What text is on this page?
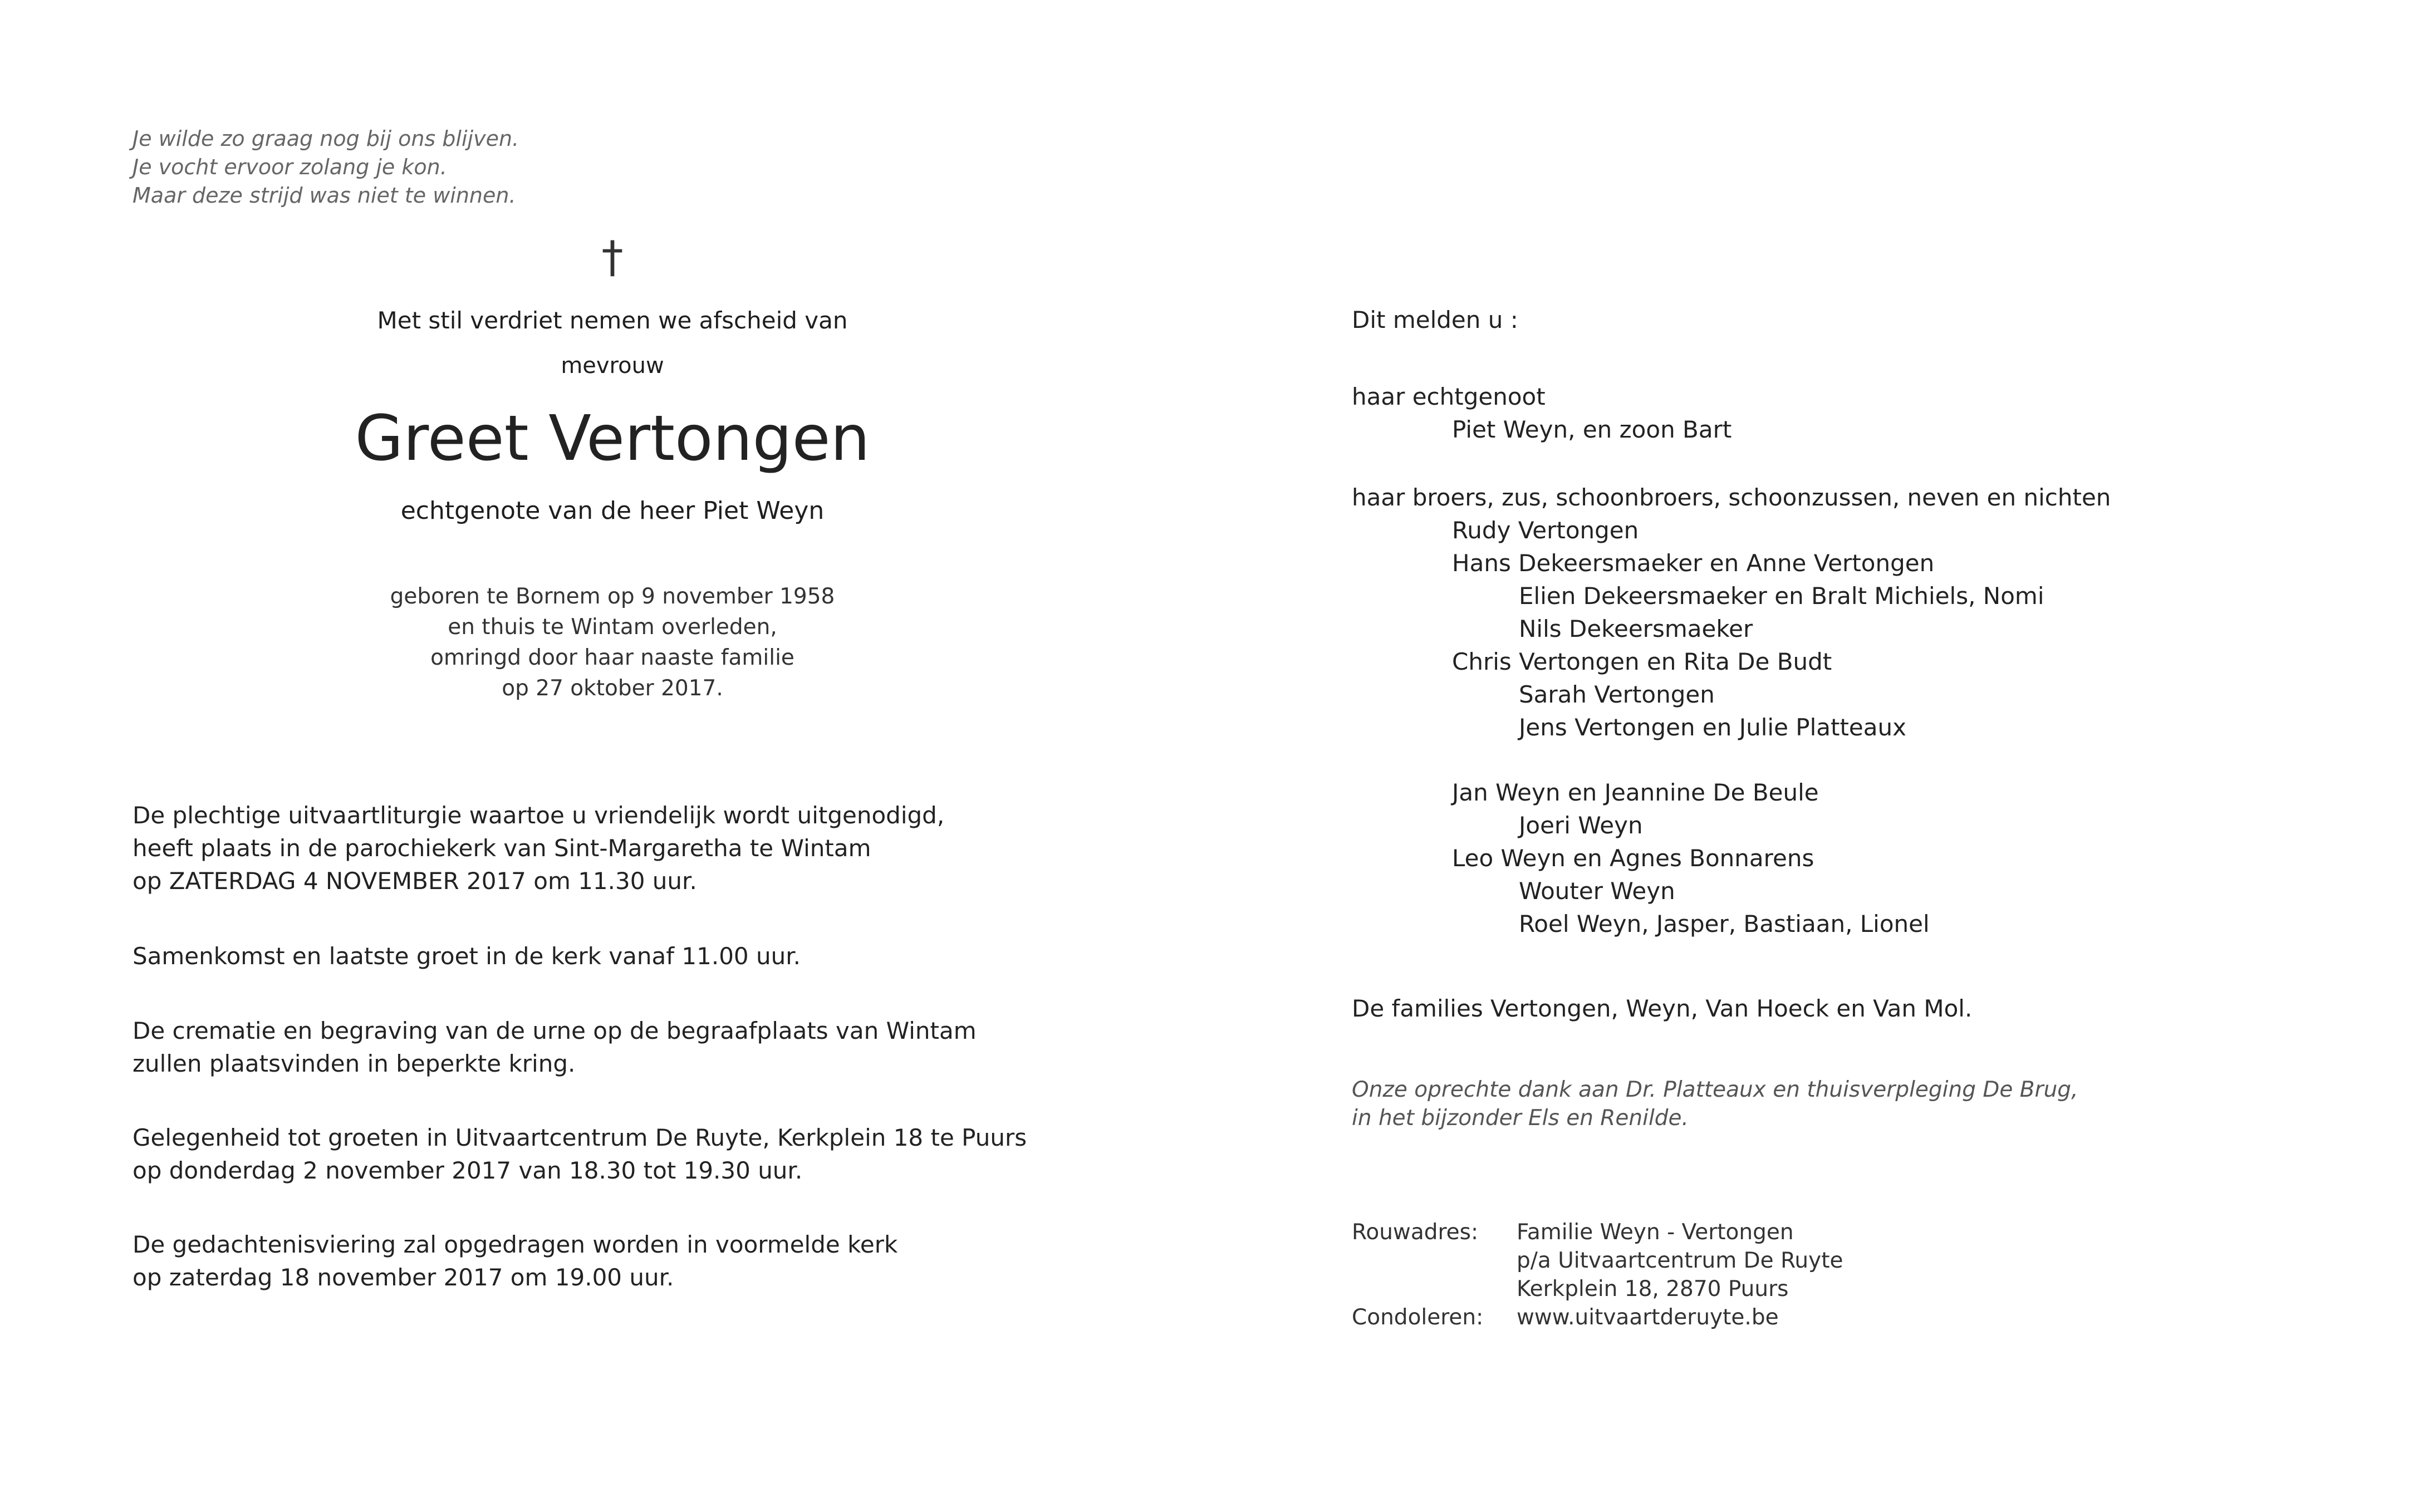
Je wilde zo graag nog bij ons blijven.
Je vocht ervoor zolang je kon.
Maar deze strijd was niet te winnen.
†
Met stil verdriet nemen we afscheid van
mevrouw
Greet Vertongen
echtgenote van de heer Piet Weyn
geboren te Bornem op 9 november 1958
en thuis te Wintam overleden,
omringd door haar naaste familie
op 27 oktober 2017.
De plechtige uitvaartliturgie waartoe u vriendelijk wordt uitgenodigd,
heeft plaats in de parochiekerk van Sint-Margaretha te Wintam
op ZATERDAG 4 NOVEMBER 2017 om 11.30 uur.
Samenkomst en laatste groet in de kerk vanaf 11.00 uur.
De crematie en begraving van de urne op de begraafplaats van Wintam
zullen plaatsvinden in beperkte kring.
Gelegenheid tot groeten in Uitvaartcentrum De Ruyte, Kerkplein 18 te Puurs
op donderdag 2 november 2017 van 18.30 tot 19.30 uur.
De gedachtenisviering zal opgedragen worden in voormelde kerk
op zaterdag 18 november 2017 om 19.00 uur.
Dit melden u :
haar echtgenoot
Piet Weyn, en zoon Bart
haar broers, zus, schoonbroers, schoonzussen, neven en nichten
Rudy Vertongen
Hans Dekeersmaeker en Anne Vertongen
Elien Dekeersmaeker en Bralt Michiels, Nomi
Nils Dekeersmaeker
Chris Vertongen en Rita De Budt
Sarah Vertongen
Jens Vertongen en Julie Platteaux
Jan Weyn en Jeannine De Beule
Joeri Weyn
Leo Weyn en Agnes Bonnarens
Wouter Weyn
Roel Weyn, Jasper, Bastiaan, Lionel
De families Vertongen, Weyn, Van Hoeck en Van Mol.
Onze oprechte dank aan Dr. Platteaux en thuisverpleging De Brug,
in het bijzonder Els en Renilde.
Rouwadres:	Familie Weyn - Vertongen
p/a Uitvaartcentrum De Ruyte
Kerkplein 18, 2870 Puurs
Condoleren:	www.uitvaartderuyte.be
